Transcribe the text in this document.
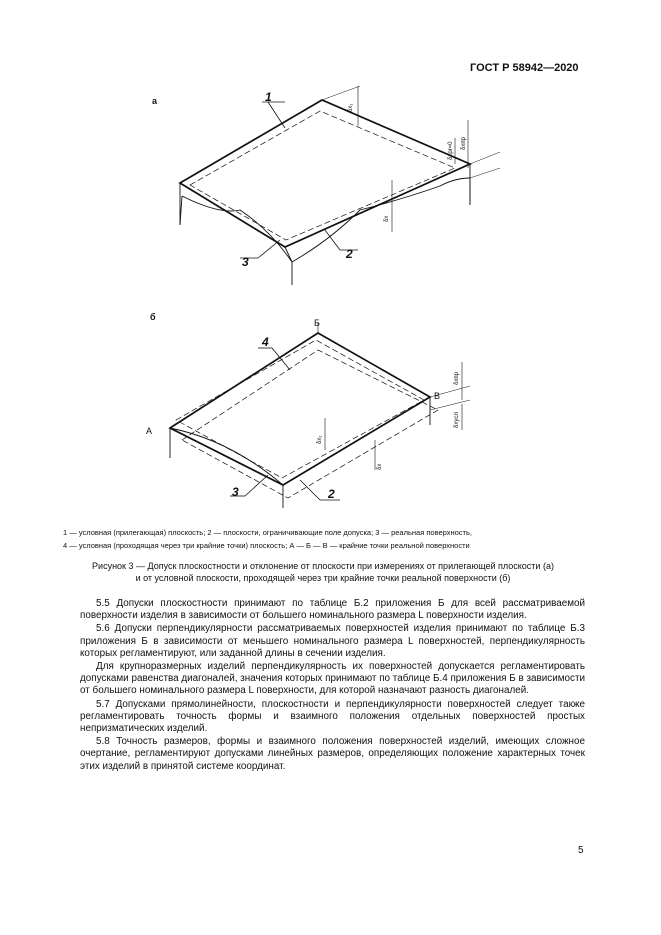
ГОСТ Р 58942—2020
а	1
3
2
б
4
3	2
А
Б
В
δx₁
δx
δxpr=0 δxпр
δx₁
δx
δxпр
δxуcл
1 — условная (прилегающая) плоскость; 2 — плоскости, ограничивающие поле допуска; 3 — реальная поверхность,
4 — условная (проходящая через три крайние точки) плоскость; А — Б — В — крайние точки реальной поверхности
Рисунок 3 — Допуск плоскостности и отклонение от плоскости при измерениях от прилегающей плоскости (а)
и от условной плоскости, проходящей через три крайние точки реальной поверхности (б)

5.5 Допуски плоскостности принимают по таблице Б.2 приложения Б для всей рассматриваемой поверхности изделия в зависимости от большего номинального размера L поверхности изделия.

5.6 Допуски перпендикулярности рассматриваемых поверхностей изделия принимают по таблице Б.3 приложения Б в зависимости от меньшего номинального размера L поверхностей, перпендикулярность которых регламентируют, или заданной длины в сечении изделия.

Для крупноразмерных изделий перпендикулярность их поверхностей допускается регламентировать допусками равенства диагоналей, значения которых принимают по таблице Б.4 приложения Б в зависимости от большего номинального размера L поверхности, для которой назначают разность диагоналей.

5.7 Допусками прямолинейности, плоскостности и перпендикулярности поверхностей следует также регламентировать точность формы и взаимного положения отдельных поверхностей простых непризматических изделий.

5.8 Точность размеров, формы и взаимного положения поверхностей изделий, имеющих сложное очертание, регламентируют допусками линейных размеров, определяющих положение характерных точек этих изделий в принятой системе координат.

5
